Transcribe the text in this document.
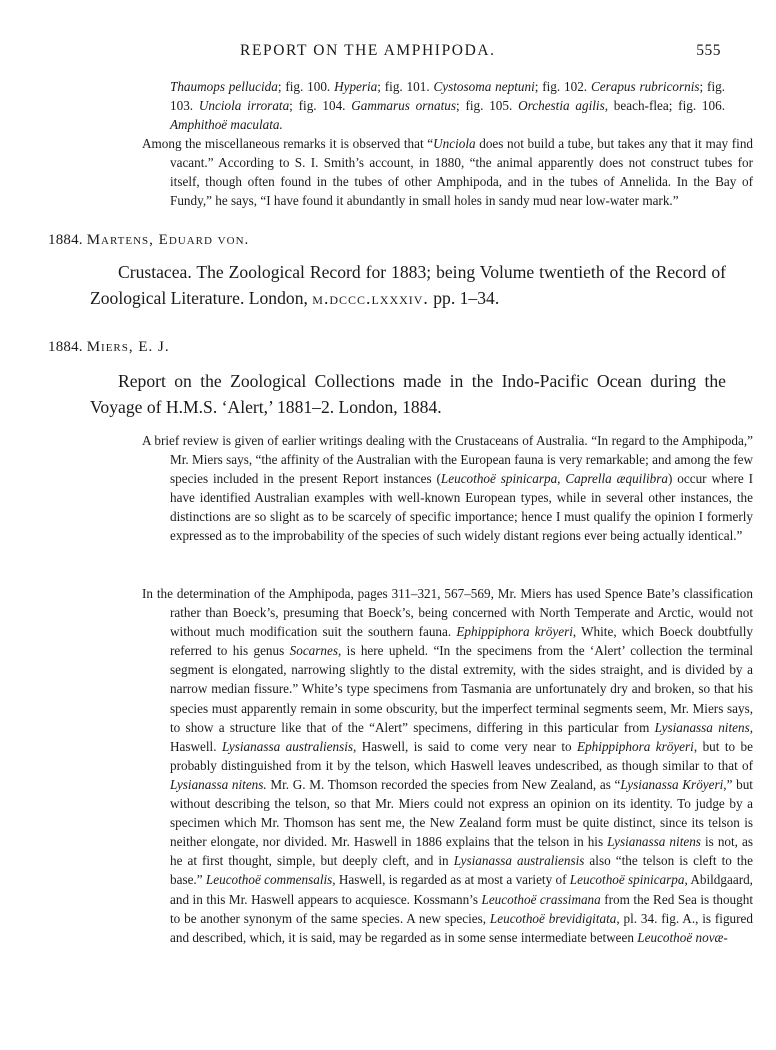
REPORT ON THE AMPHIPODA.	555
Thaumops pellucida; fig. 100. Hyperia; fig. 101. Cystosoma neptuni; fig. 102. Cerapus rubricornis; fig. 103. Unciola irrorata; fig. 104. Gammarus ornatus; fig. 105. Orchestia agilis, beach-flea; fig. 106. Amphithoë maculata.
Among the miscellaneous remarks it is observed that “Unciola does not build a tube, but takes any that it may find vacant.” According to S. I. Smith’s account, in 1880, “the animal apparently does not construct tubes for itself, though often found in the tubes of other Amphipoda, and in the tubes of Annelida. In the Bay of Fundy,” he says, “I have found it abundantly in small holes in sandy mud near low-water mark.”
1884. Martens, Eduard von.
Crustacea. The Zoological Record for 1883; being Volume twentieth of the Record of Zoological Literature. London, m.dccc.lxxxiv. pp. 1–34.
1884. Miers, E. J.
Report on the Zoological Collections made in the Indo-Pacific Ocean during the Voyage of H.M.S. ‘Alert,’ 1881–2. London, 1884.
A brief review is given of earlier writings dealing with the Crustaceans of Australia. “In regard to the Amphipoda,” Mr. Miers says, “the affinity of the Australian with the European fauna is very remarkable; and among the few species included in the present Report instances (Leucothoë spinicarpa, Caprella æquilibra) occur where I have identified Australian examples with well-known European types, while in several other instances, the distinctions are so slight as to be scarcely of specific importance; hence I must qualify the opinion I formerly expressed as to the improbability of the species of such widely distant regions ever being actually identical.”
In the determination of the Amphipoda, pages 311–321, 567–569, Mr. Miers has used Spence Bate’s classification rather than Boeck’s, presuming that Boeck’s, being concerned with North Temperate and Arctic, would not without much modification suit the southern fauna. Ephippiphora kröyeri, White, which Boeck doubtfully referred to his genus Socarnes, is here upheld. “In the specimens from the ‘Alert’ collection the terminal segment is elongated, narrowing slightly to the distal extremity, with the sides straight, and is divided by a narrow median fissure.” White’s type specimens from Tasmania are unfortunately dry and broken, so that his species must apparently remain in some obscurity, but the imperfect terminal segments seem, Mr. Miers says, to show a structure like that of the “Alert” specimens, differing in this particular from Lysianassa nitens, Haswell. Lysianassa australiensis, Haswell, is said to come very near to Ephippiphora kröyeri, but to be probably distinguished from it by the telson, which Haswell leaves undescribed, as though similar to that of Lysianassa nitens. Mr. G. M. Thomson recorded the species from New Zealand, as “Lysianassa Kröyeri,” but without describing the telson, so that Mr. Miers could not express an opinion on its identity. To judge by a specimen which Mr. Thomson has sent me, the New Zealand form must be quite distinct, since its telson is neither elongate, nor divided. Mr. Haswell in 1886 explains that the telson in his Lysianassa nitens is not, as he at first thought, simple, but deeply cleft, and in Lysianassa australiensis also “the telson is cleft to the base.” Leucothoë commensalis, Haswell, is regarded as at most a variety of Leucothoë spinicarpa, Abildgaard, and in this Mr. Haswell appears to acquiesce. Kossmann’s Leucothoë crassimana from the Red Sea is thought to be another synonym of the same species. A new species, Leucothoë brevidigitata, pl. 34. fig. A., is figured and described, which, it is said, may be regarded as in some sense intermediate between Leucothoë novæ-
